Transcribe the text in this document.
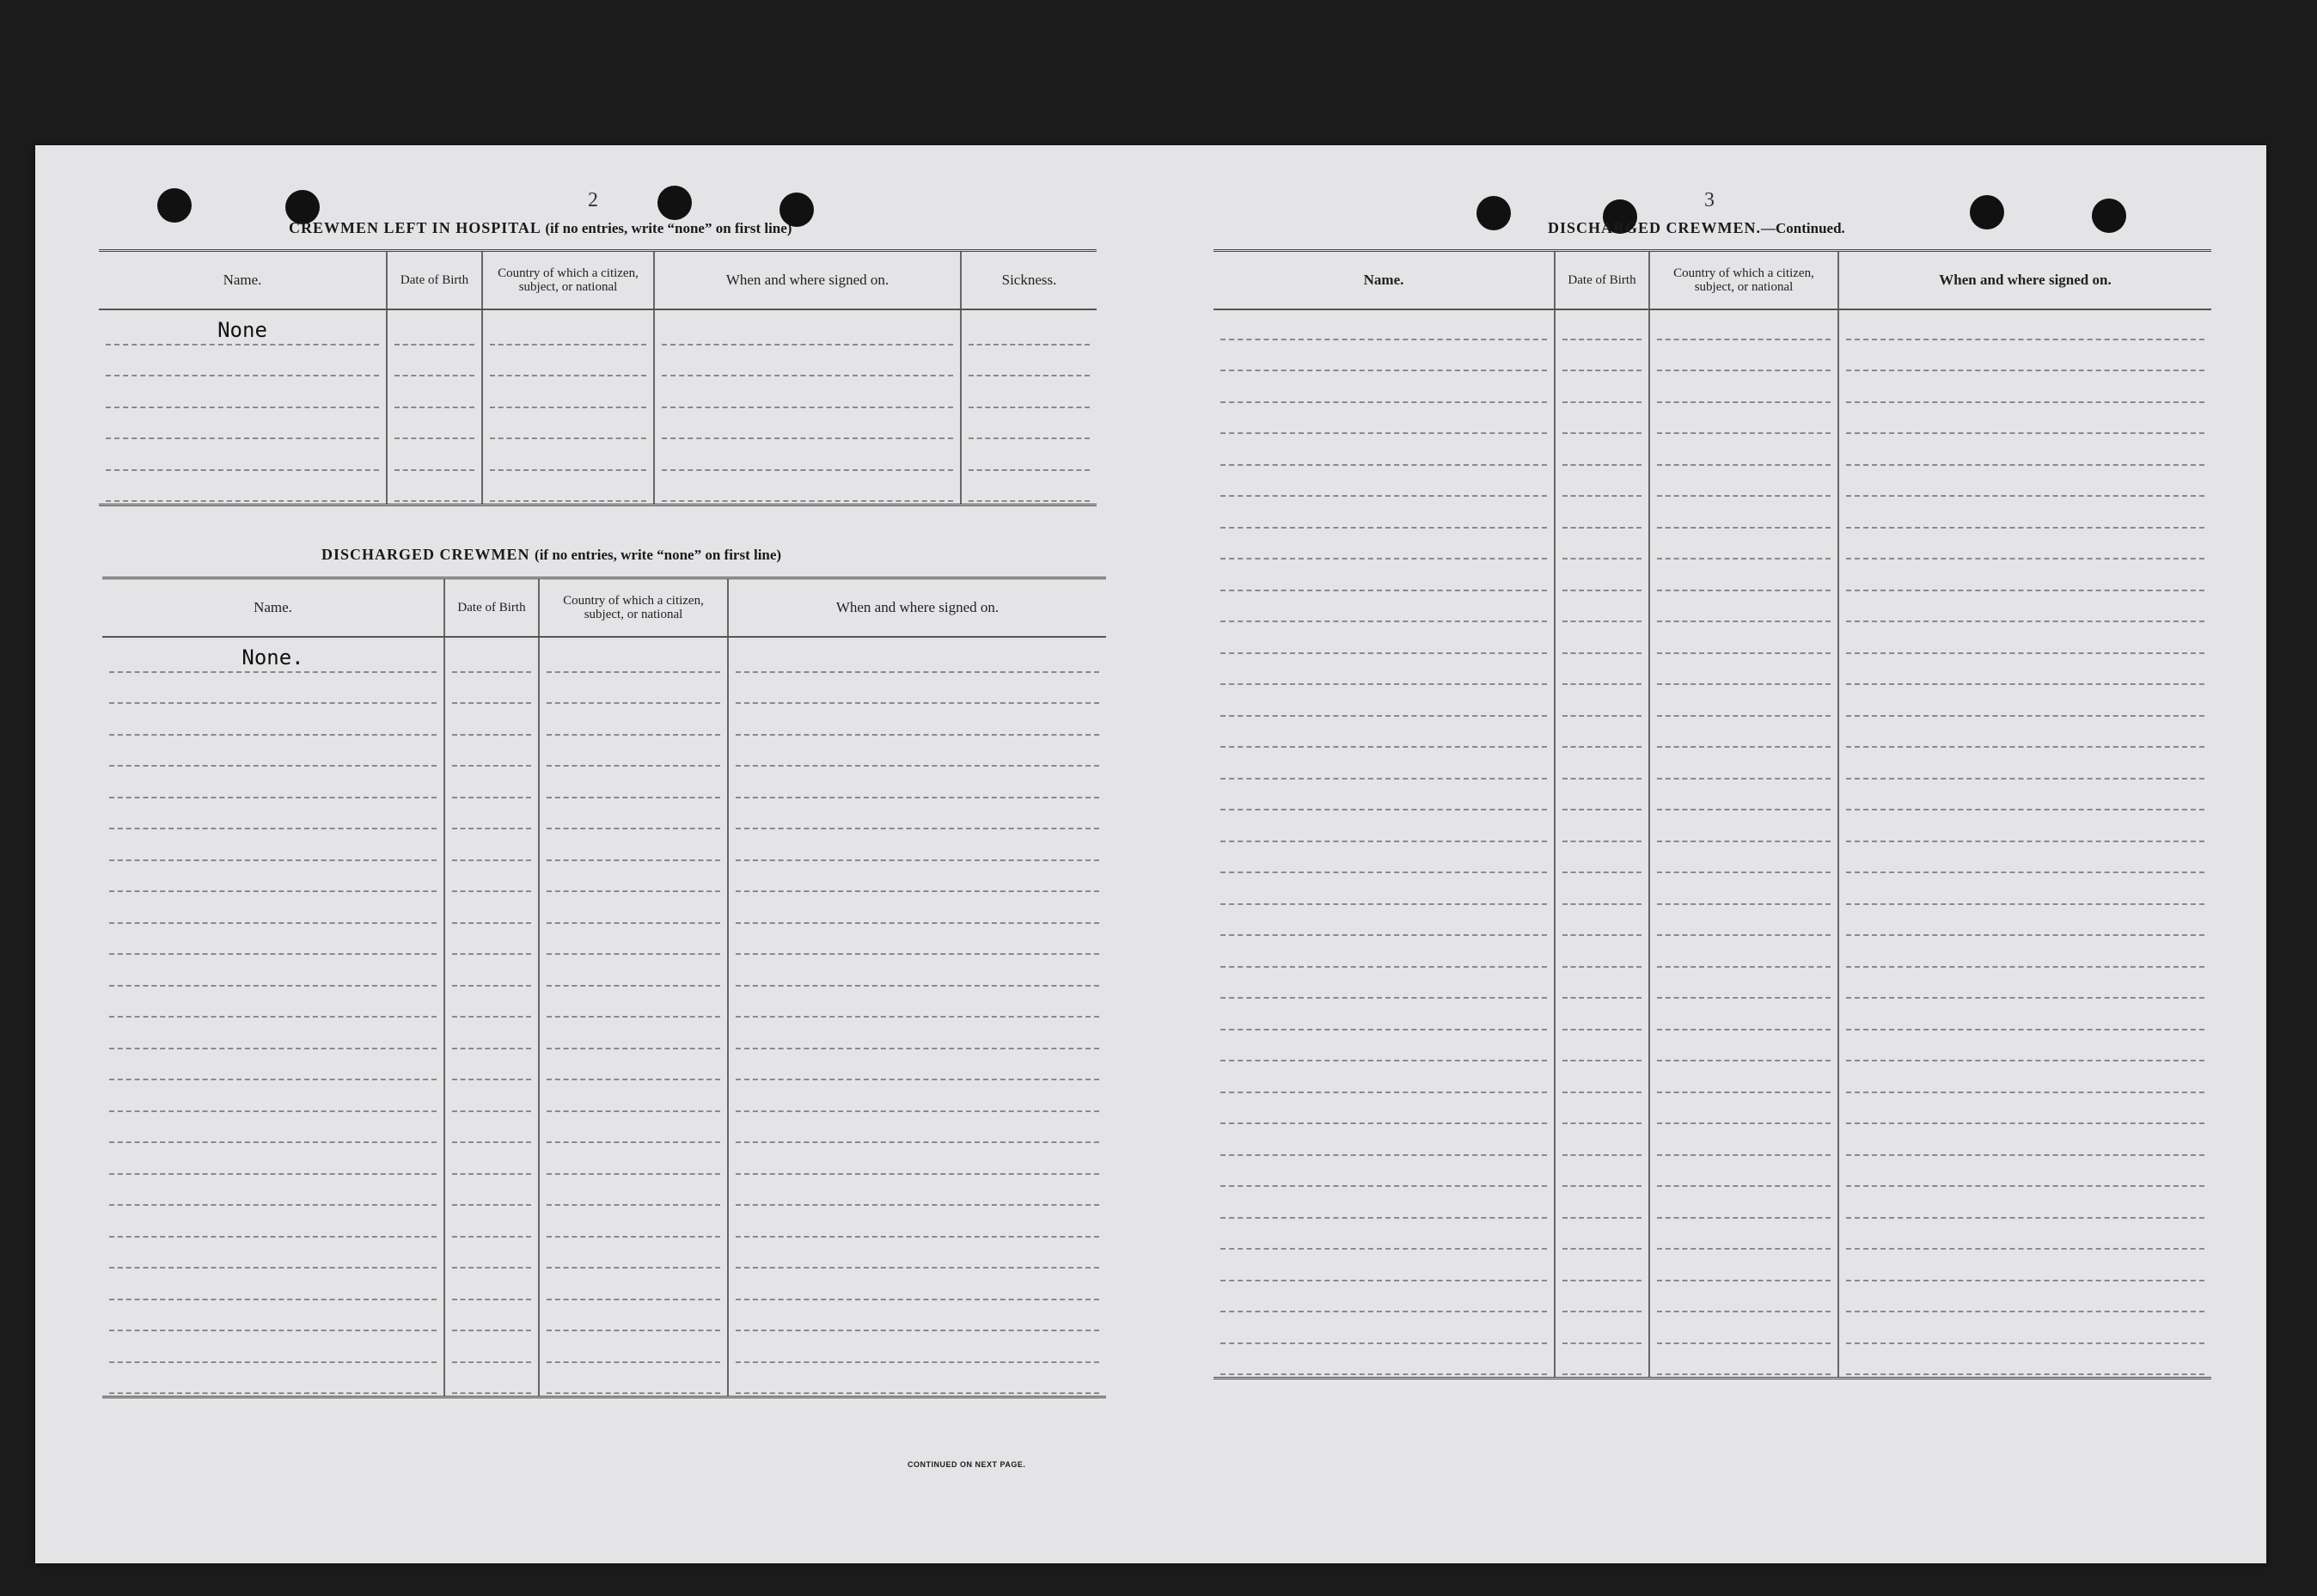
2
CREWMEN LEFT IN HOSPITAL (if no entries, write “none” on first line)
Name.	Date of Birth	Country of which a citizen, subject, or national	When and where signed on.	Sickness.
None				

DISCHARGED CREWMEN (if no entries, write “none” on first line)
Name.	Date of Birth	Country of which a citizen, subject, or national	When and where signed on.
None.			

CONTINUED ON NEXT PAGE.
3
DISCHARGED CREWMEN.—Continued.
Name.	Date of Birth	Country of which a citizen, subject, or national	When and where signed on.
